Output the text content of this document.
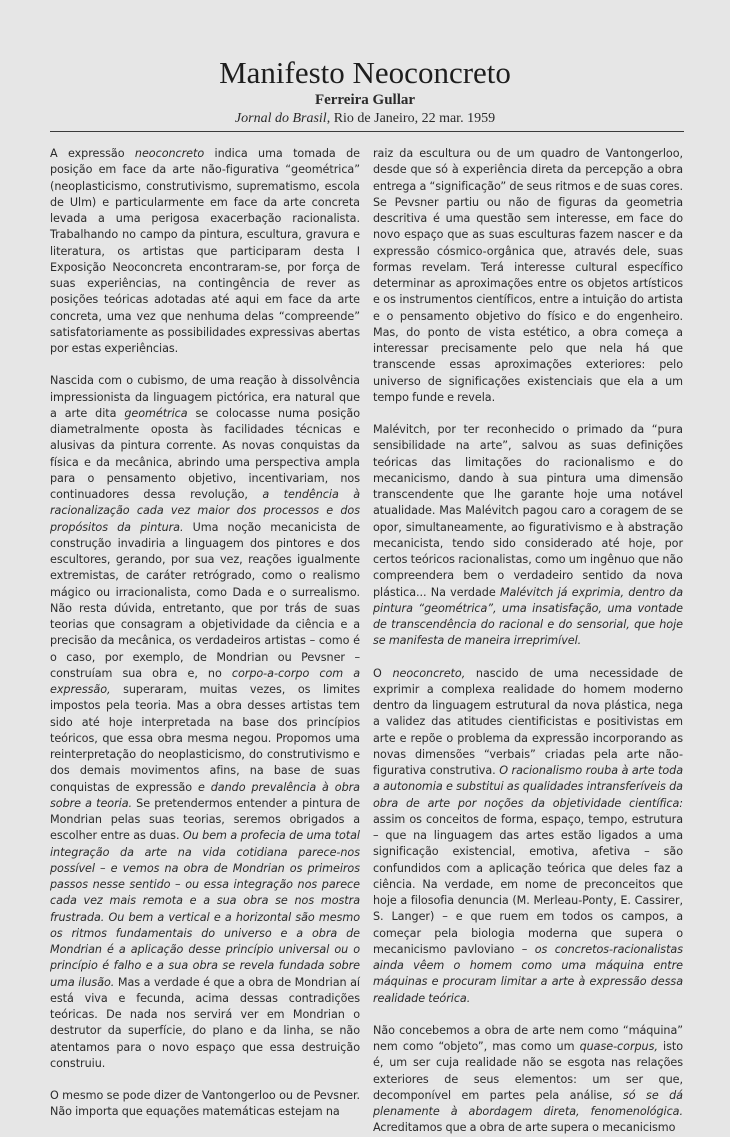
Manifesto Neoconcreto
Ferreira Gullar
Jornal do Brasil, Rio de Janeiro, 22 mar. 1959

A expressão neoconcreto indica uma tomada de posição em face da arte não-figurativa “geométrica” (neoplasticismo, construtivismo, suprematismo, escola de Ulm) e particularmente em face da arte concreta levada a uma perigosa exacerbação racionalista. Trabalhando no campo da pintura, escultura, gravura e literatura, os artistas que participaram desta I Exposição Neoconcreta encontraram-se, por força de suas experiências, na contingência de rever as posições teóricas adotadas até aqui em face da arte concreta, uma vez que nenhuma delas “compreende” satisfatoriamente as possibilidades expressivas abertas por estas experiências.

Nascida com o cubismo, de uma reação à dissolvência impressionista da linguagem pictórica, era natural que a arte dita geométrica se colocasse numa posição diametralmente oposta às facilidades técnicas e alusivas da pintura corrente. As novas conquistas da física e da mecânica, abrindo uma perspectiva ampla para o pensamento objetivo, incentivariam, nos continuadores dessa revolução, a tendência à racionalização cada vez maior dos processos e dos propósitos da pintura. Uma noção mecanicista de construção invadiria a linguagem dos pintores e dos escultores, gerando, por sua vez, reações igualmente extremistas, de caráter retrógrado, como o realismo mágico ou irracionalista, como Dada e o surrealismo. Não resta dúvida, entretanto, que por trás de suas teorias que consagram a objetividade da ciência e a precisão da mecânica, os verdadeiros artistas – como é o caso, por exemplo, de Mondrian ou Pevsner – construíam sua obra e, no corpo-a-corpo com a expressão, superaram, muitas vezes, os limites impostos pela teoria. Mas a obra desses artistas tem sido até hoje interpretada na base dos princípios teóricos, que essa obra mesma negou. Propomos uma reinterpretação do neoplasticismo, do construtivismo e dos demais movimentos afins, na base de suas conquistas de expressão e dando prevalência à obra sobre a teoria. Se pretendermos entender a pintura de Mondrian pelas suas teorias, seremos obrigados a escolher entre as duas. Ou bem a profecia de uma total integração da arte na vida cotidiana parece-nos possível – e vemos na obra de Mondrian os primeiros passos nesse sentido – ou essa integração nos parece cada vez mais remota e a sua obra se nos mostra frustrada. Ou bem a vertical e a horizontal são mesmo os ritmos fundamentais do universo e a obra de Mondrian é a aplicação desse princípio universal ou o princípio é falho e a sua obra se revela fundada sobre uma ilusão. Mas a verdade é que a obra de Mondrian aí está viva e fecunda, acima dessas contradições teóricas. De nada nos servirá ver em Mondrian o destrutor da superfície, do plano e da linha, se não atentamos para o novo espaço que essa destruição construiu.

O mesmo se pode dizer de Vantongerloo ou de Pevsner. Não importa que equações matemáticas estejam na

raiz da escultura ou de um quadro de Vantongerloo, desde que só à experiência direta da percepção a obra entrega a “significação” de seus ritmos e de suas cores. Se Pevsner partiu ou não de figuras da geometria descritiva é uma questão sem interesse, em face do novo espaço que as suas esculturas fazem nascer e da expressão cósmico-orgânica que, através dele, suas formas revelam. Terá interesse cultural específico determinar as aproximações entre os objetos artísticos e os instrumentos científicos, entre a intuição do artista e o pensamento objetivo do físico e do engenheiro. Mas, do ponto de vista estético, a obra começa a interessar precisamente pelo que nela há que transcende essas aproximações exteriores: pelo universo de significações existenciais que ela a um tempo funde e revela.

Malévitch, por ter reconhecido o primado da “pura sensibilidade na arte”, salvou as suas definições teóricas das limitações do racionalismo e do mecanicismo, dando à sua pintura uma dimensão transcendente que lhe garante hoje uma notável atualidade. Mas Malévitch pagou caro a coragem de se opor, simultaneamente, ao figurativismo e à abstração mecanicista, tendo sido considerado até hoje, por certos teóricos racionalistas, como um ingênuo que não compreendera bem o verdadeiro sentido da nova plástica... Na verdade Malévitch já exprimia, dentro da pintura “geométrica”, uma insatisfação, uma vontade de transcendência do racional e do sensorial, que hoje se manifesta de maneira irreprimível.

O neoconcreto, nascido de uma necessidade de exprimir a complexa realidade do homem moderno dentro da linguagem estrutural da nova plástica, nega a validez das atitudes cientificistas e positivistas em arte e repõe o problema da expressão incorporando as novas dimensões “verbais” criadas pela arte não-figurativa construtiva. O racionalismo rouba à arte toda a autonomia e substitui as qualidades intransferíveis da obra de arte por noções da objetividade científica: assim os conceitos de forma, espaço, tempo, estrutura – que na linguagem das artes estão ligados a uma significação existencial, emotiva, afetiva – são confundidos com a aplicação teórica que deles faz a ciência. Na verdade, em nome de preconceitos que hoje a filosofia denuncia (M. Merleau-Ponty, E. Cassirer, S. Langer) – e que ruem em todos os campos, a começar pela biologia moderna que supera o mecanicismo pavloviano – os concretos-racionalistas ainda vêem o homem como uma máquina entre máquinas e procuram limitar a arte à expressão dessa realidade teórica.

Não concebemos a obra de arte nem como “máquina” nem como “objeto”, mas como um quase-corpus, isto é, um ser cuja realidade não se esgota nas relações exteriores de seus elementos: um ser que, decomponível em partes pela análise, só se dá plenamente à abordagem direta, fenomenológica. Acreditamos que a obra de arte supera o mecanicismo
